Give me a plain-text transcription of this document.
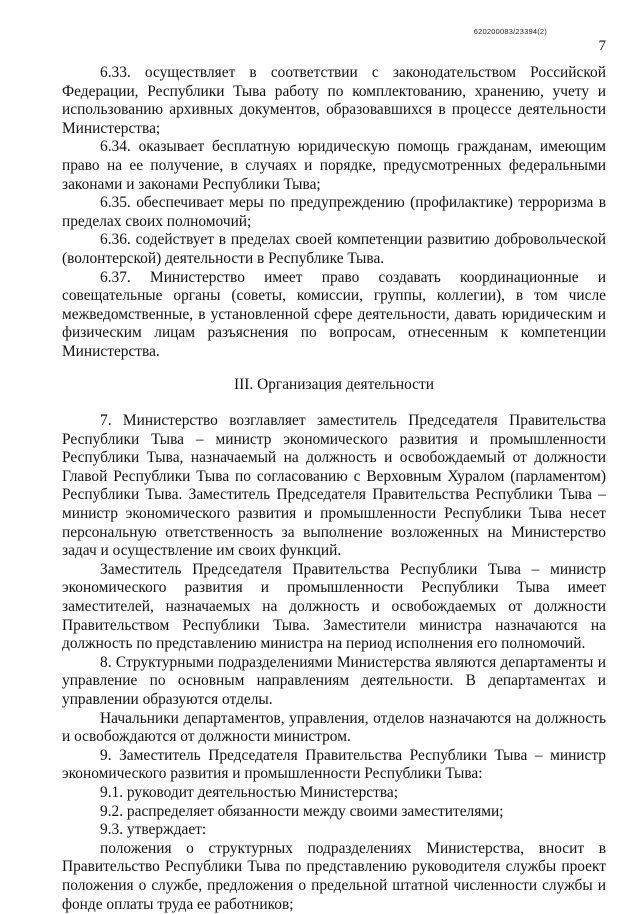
620200083/23394(2)
7

6.33. осуществляет в соответствии с законодательством Российской Федерации, Республики Тыва работу по комплектованию, хранению, учету и использованию архивных документов, образовавшихся в процессе деятельности Министерства;

6.34. оказывает бесплатную юридическую помощь гражданам, имеющим право на ее получение, в случаях и порядке, предусмотренных федеральными законами и законами Республики Тыва;

6.35. обеспечивает меры по предупреждению (профилактике) терроризма в пределах своих полномочий;

6.36. содействует в пределах своей компетенции развитию добровольческой (волонтерской) деятельности в Республике Тыва.

6.37. Министерство имеет право создавать координационные и совещательные органы (советы, комиссии, группы, коллегии), в том числе межведомственные, в установленной сфере деятельности, давать юридическим и физическим лицам разъяснения по вопросам, отнесенным к компетенции Министерства.

III. Организация деятельности

7. Министерство возглавляет заместитель Председателя Правительства Республики Тыва – министр экономического развития и промышленности Республики Тыва, назначаемый на должность и освобождаемый от должности Главой Республики Тыва по согласованию с Верховным Хуралом (парламентом) Республики Тыва. Заместитель Председателя Правительства Республики Тыва – министр экономического развития и промышленности Республики Тыва несет персональную ответственность за выполнение возложенных на Министерство задач и осуществление им своих функций.

Заместитель Председателя Правительства Республики Тыва – министр экономического развития и промышленности Республики Тыва имеет заместителей, назначаемых на должность и освобождаемых от должности Правительством Республики Тыва. Заместители министра назначаются на должность по представлению министра на период исполнения его полномочий.

8. Структурными подразделениями Министерства являются департаменты и управление по основным направлениям деятельности. В департаментах и управлении образуются отделы.

Начальники департаментов, управления, отделов назначаются на должность и освобождаются от должности министром.

9. Заместитель Председателя Правительства Республики Тыва – министр экономического развития и промышленности Республики Тыва:

9.1. руководит деятельностью Министерства;

9.2. распределяет обязанности между своими заместителями;

9.3. утверждает:

положения о структурных подразделениях Министерства, вносит в Правительство Республики Тыва по представлению руководителя службы проект положения о службе, предложения о предельной штатной численности службы и фонде оплаты труда ее работников;
